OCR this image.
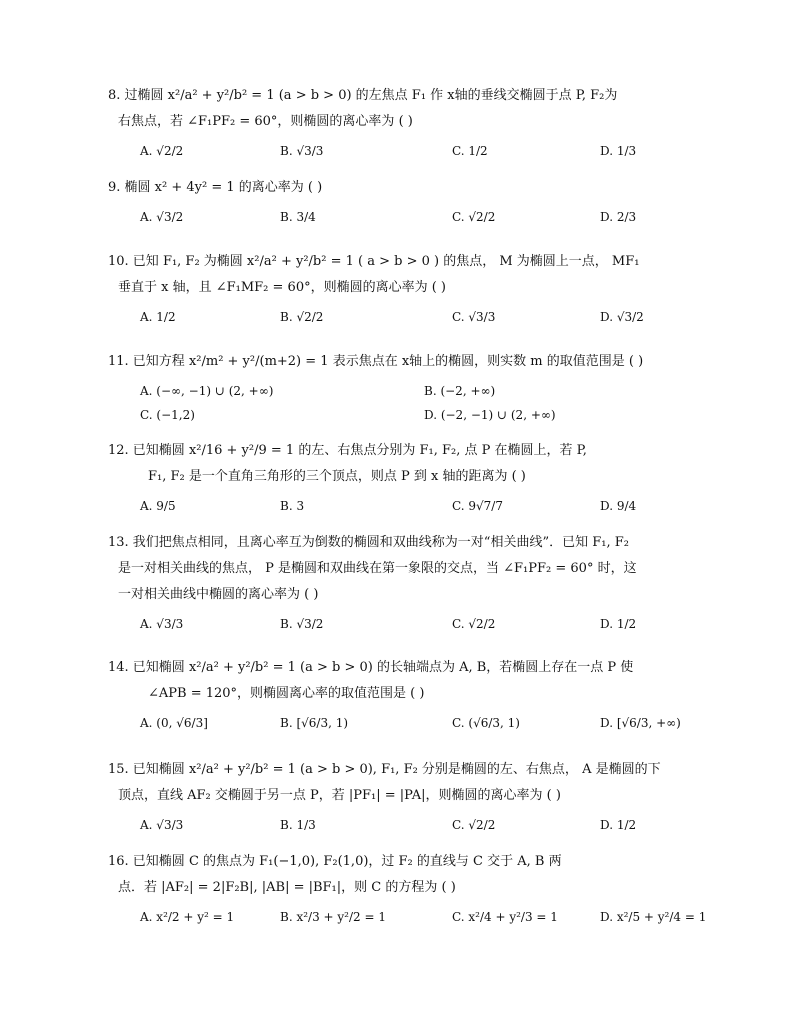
8. 过椭圆 x²/a² + y²/b² = 1 (a > b > 0) 的左焦点 F₁ 作 x轴的垂线交椭圆于点 P, F₂为
右焦点，若 ∠F₁PF₂ = 60°，则椭圆的离心率为 ( )
A. √2/2	B. √3/3	C. 1/2	D. 1/3
9. 椭圆 x² + 4y² = 1 的离心率为 ( )
A. √3/2	B. 3/4	C. √2/2	D. 2/3
10. 已知 F₁, F₂ 为椭圆 x²/a² + y²/b² = 1 ( a > b > 0 ) 的焦点， M 为椭圆上一点， MF₁
垂直于 x 轴，且 ∠F₁MF₂ = 60°，则椭圆的离心率为 ( )
A. 1/2	B. √2/2	C. √3/3	D. √3/2
11. 已知方程 x²/m² + y²/(m+2) = 1 表示焦点在 x轴上的椭圆，则实数 m 的取值范围是 ( )
A. (−∞, −1) ∪ (2, +∞)	B. (−2, +∞)
C. (−1,2)	D. (−2, −1) ∪ (2, +∞)
12. 已知椭圆 x²/16 + y²/9 = 1 的左、右焦点分别为 F₁, F₂, 点 P 在椭圆上，若 P,
F₁, F₂ 是一个直角三角形的三个顶点，则点 P 到 x 轴的距离为 ( )
A. 9/5	B. 3	C. 9√7/7	D. 9/4
13. 我们把焦点相同，且离心率互为倒数的椭圆和双曲线称为一对“相关曲线”．已知 F₁, F₂
是一对相关曲线的焦点， P 是椭圆和双曲线在第一象限的交点，当 ∠F₁PF₂ = 60° 时，这
一对相关曲线中椭圆的离心率为 ( )
A. √3/3	B. √3/2	C. √2/2	D. 1/2
14. 已知椭圆 x²/a² + y²/b² = 1 (a > b > 0) 的长轴端点为 A, B，若椭圆上存在一点 P 使
∠APB = 120°，则椭圆离心率的取值范围是 ( )
A. (0, √6/3]	B. [√6/3, 1)	C. (√6/3, 1)	D. [√6/3, +∞)
15. 已知椭圆 x²/a² + y²/b² = 1 (a > b > 0), F₁, F₂ 分别是椭圆的左、右焦点， A 是椭圆的下
顶点，直线 AF₂ 交椭圆于另一点 P，若 |PF₁| = |PA|，则椭圆的离心率为 ( )
A. √3/3	B. 1/3	C. √2/2	D. 1/2
16. 已知椭圆 C 的焦点为 F₁(−1,0), F₂(1,0)，过 F₂ 的直线与 C 交于 A, B 两
点．若 |AF₂| = 2|F₂B|, |AB| = |BF₁|，则 C 的方程为 ( )
A. x²/2 + y² = 1	B. x²/3 + y²/2 = 1	C. x²/4 + y²/3 = 1	D. x²/5 + y²/4 = 1
